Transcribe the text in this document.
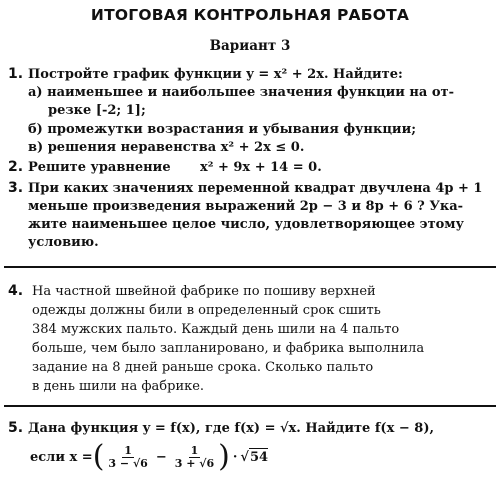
ИТОГОВАЯ КОНТРОЛЬНАЯ РАБОТА
Вариант 3
1. Постройте график функции y = x² + 2x. Найдите:
а) наименьшее и наибольшее значения функции на от-
резке [-2; 1];
б) промежутки возрастания и убывания функции;
в) решения неравенства x² + 2x ≤ 0.
2. Решите уравнение x² + 9x + 14 = 0.
3. При каких значениях переменной квадрат двучлена 4p + 1
меньше произведения выражений 2p − 3 и 8p + 6 ? Ука-
жите наименьшее целое число, удовлетворяющее этому
условию.
4. На частной швейной фабрике по пошиву верхней
одежды должны били в определенный срок сшить
384 мужских пальто. Каждый день шили на 4 пальто
больше, чем было запланировано, и фабрика выполнила
задание на 8 дней раньше срока. Сколько пальто
в день шили на фабрике.
5. Дана функция y = f(x), где f(x) = √x. Найдите f(x − 8),
если x = ( $\frac{1}{3 - √6} - \frac{1}{3 + √6}$ ) · √ 54
